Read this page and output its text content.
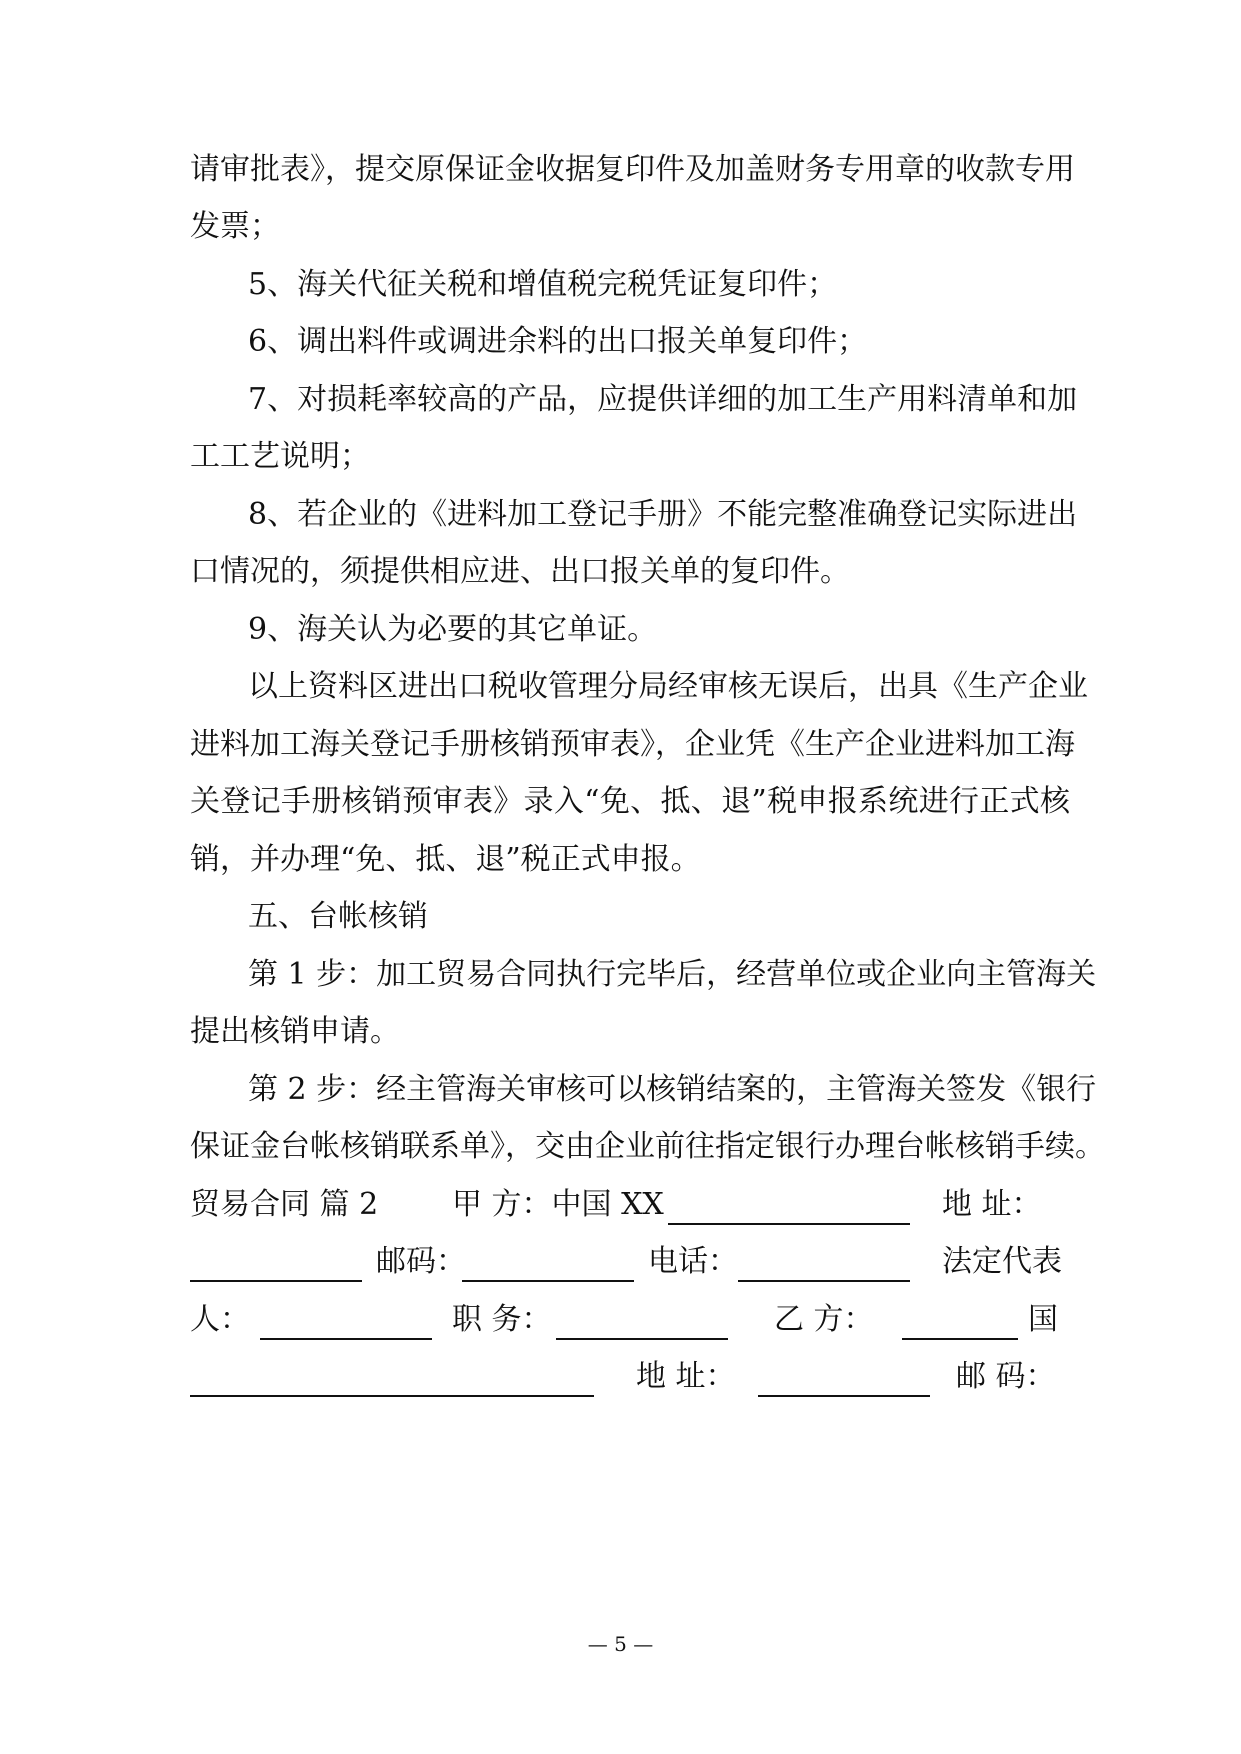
请审批表》，提交原保证金收据复印件及加盖财务专用章的收款专用
发票；
5、海关代征关税和增值税完税凭证复印件；
6、调出料件或调进余料的出口报关单复印件；
7、对损耗率较高的产品，应提供详细的加工生产用料清单和加
工工艺说明；
8、若企业的《进料加工登记手册》不能完整准确登记实际进出
口情况的，须提供相应进、出口报关单的复印件。
9、海关认为必要的其它单证。
以上资料区进出口税收管理分局经审核无误后，出具《生产企业
进料加工海关登记手册核销预审表》，企业凭《生产企业进料加工海
关登记手册核销预审表》录入“免、抵、退”税申报系统进行正式核
销，并办理“免、抵、退”税正式申报。
五、台帐核销
第 1 步：加工贸易合同执行完毕后，经营单位或企业向主管海关
提出核销申请。
第 2 步：经主管海关审核可以核销结案的，主管海关签发《银行
保证金台帐核销联系单》，交由企业前往指定银行办理台帐核销手续。
贸易合同 篇 2 甲 方：中国 XX	地 址：
邮码：	电话：	法定代表
人：	职 务：	乙 方：	国
地 址：	邮 码：
— 5 —
